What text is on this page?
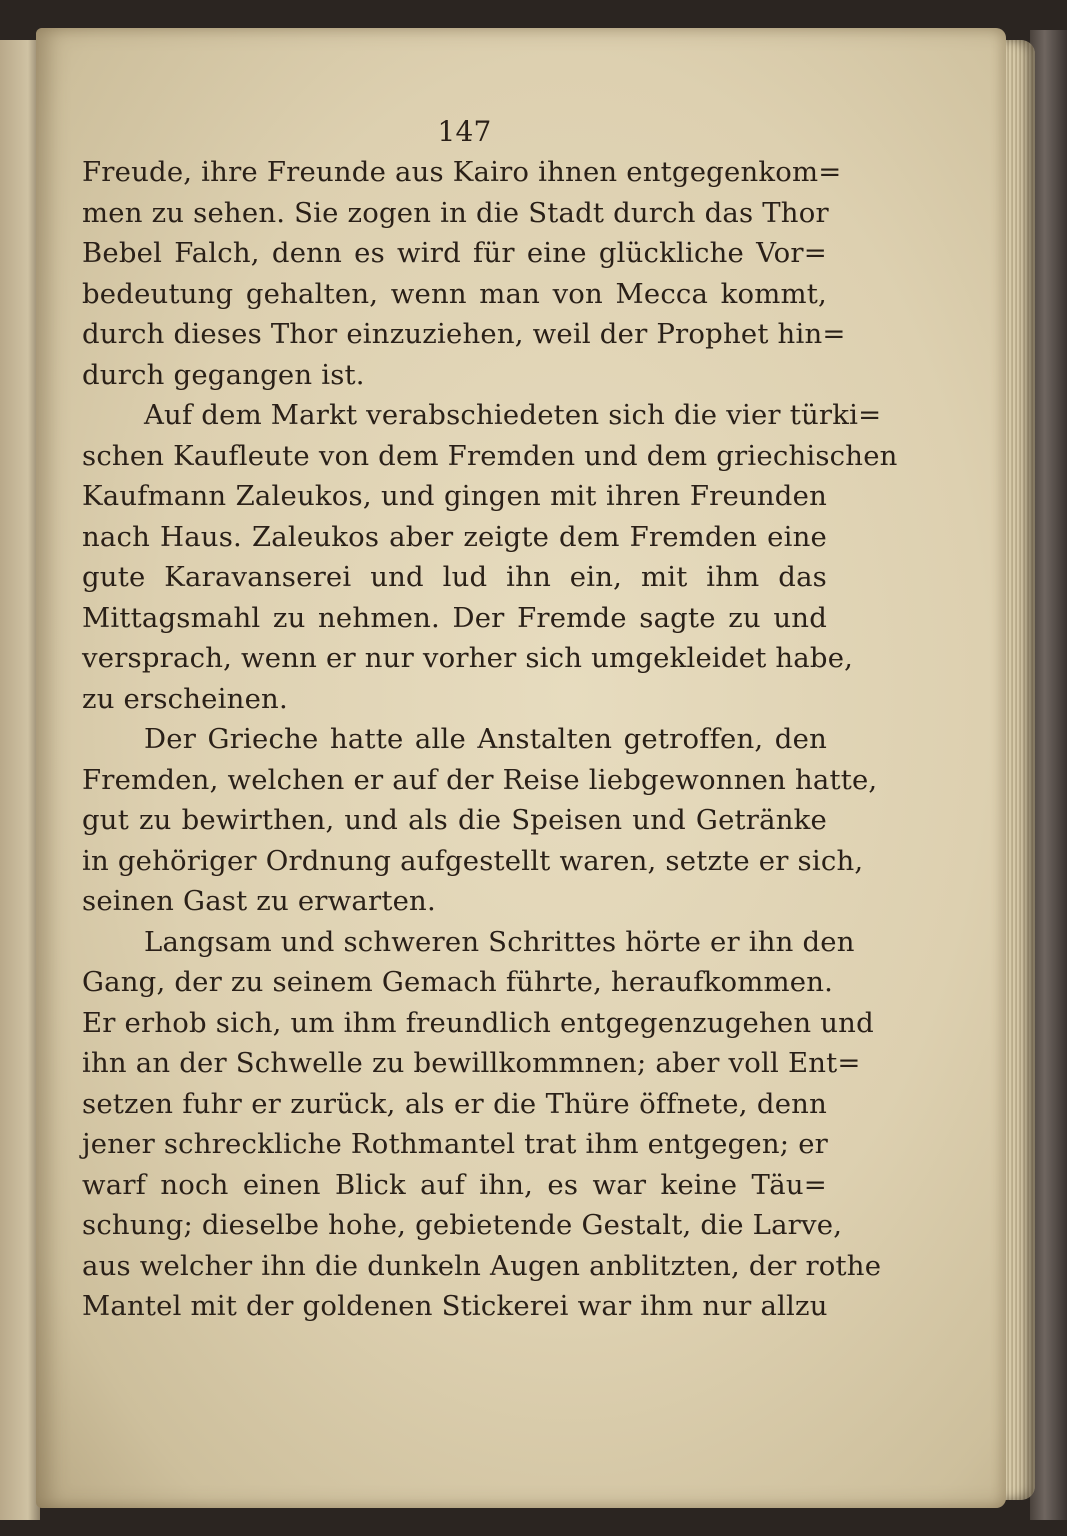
147
Freude, ihre Freunde aus Kairo ihnen entgegenkom=
men zu sehen. Sie zogen in die Stadt durch das Thor
Bebel Falch, denn es wird für eine glückliche Vor=
bedeutung gehalten, wenn man von Mecca kommt,
durch dieses Thor einzuziehen, weil der Prophet hin=
durch gegangen ist.
Auf dem Markt verabschiedeten sich die vier türki=
schen Kaufleute von dem Fremden und dem griechischen
Kaufmann Zaleukos, und gingen mit ihren Freunden
nach Haus. Zaleukos aber zeigte dem Fremden eine
gute Karavanserei und lud ihn ein, mit ihm das
Mittagsmahl zu nehmen. Der Fremde sagte zu und
versprach, wenn er nur vorher sich umgekleidet habe,
zu erscheinen.
Der Grieche hatte alle Anstalten getroffen, den
Fremden, welchen er auf der Reise liebgewonnen hatte,
gut zu bewirthen, und als die Speisen und Getränke
in gehöriger Ordnung aufgestellt waren, setzte er sich,
seinen Gast zu erwarten.
Langsam und schweren Schrittes hörte er ihn den
Gang, der zu seinem Gemach führte, heraufkommen.
Er erhob sich, um ihm freundlich entgegenzugehen und
ihn an der Schwelle zu bewillkommnen; aber voll Ent=
setzen fuhr er zurück, als er die Thüre öffnete, denn
jener schreckliche Rothmantel trat ihm entgegen; er
warf noch einen Blick auf ihn, es war keine Täu=
schung; dieselbe hohe, gebietende Gestalt, die Larve,
aus welcher ihn die dunkeln Augen anblitzten, der rothe
Mantel mit der goldenen Stickerei war ihm nur allzu
